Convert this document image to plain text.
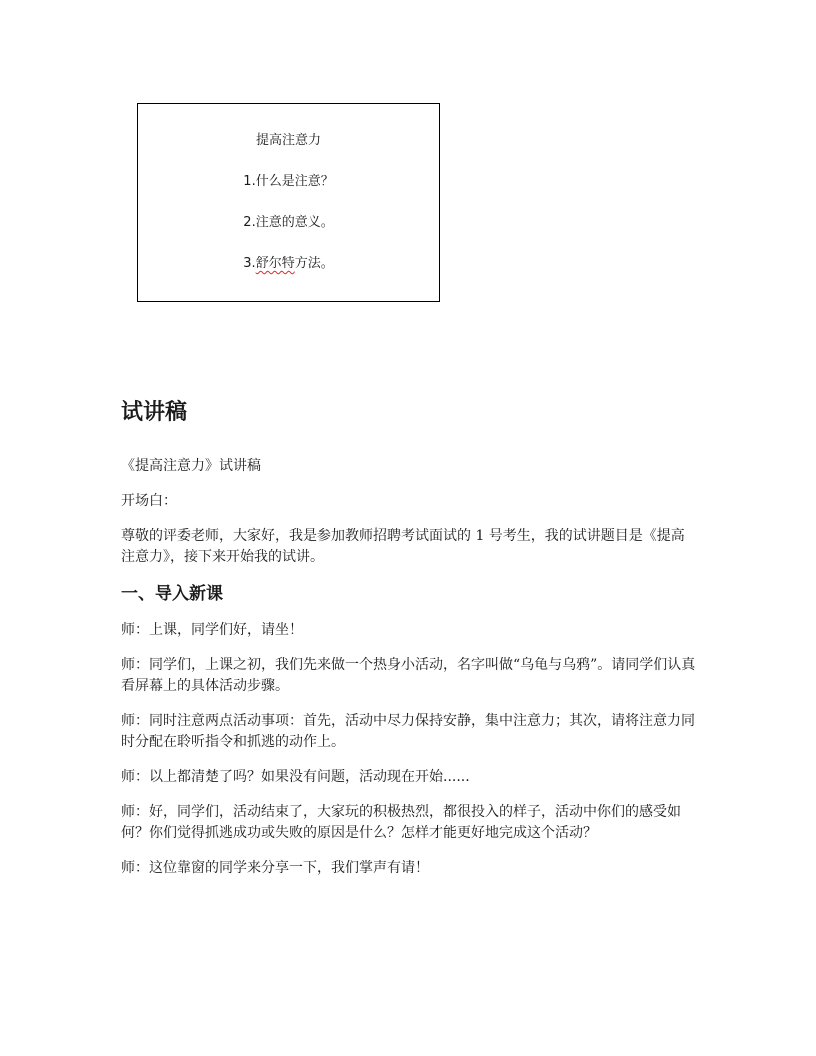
提高注意力
1.什么是注意？
2.注意的意义。
3.舒尔特方法。
试讲稿

《提高注意力》试讲稿

开场白：

尊敬的评委老师，大家好，我是参加教师招聘考试面试的 1 号考生，我的试讲题目是《提高注意力》，接下来开始我的试讲。

一、导入新课

师：上课，同学们好，请坐！

师：同学们，上课之初，我们先来做一个热身小活动，名字叫做“乌龟与乌鸦”。请同学们认真看屏幕上的具体活动步骤。

师：同时注意两点活动事项：首先，活动中尽力保持安静，集中注意力；其次，请将注意力同时分配在聆听指令和抓逃的动作上。

师：以上都清楚了吗？如果没有问题，活动现在开始......

师：好，同学们，活动结束了，大家玩的积极热烈，都很投入的样子，活动中你们的感受如何？你们觉得抓逃成功或失败的原因是什么？怎样才能更好地完成这个活动？

师：这位靠窗的同学来分享一下，我们掌声有请！
